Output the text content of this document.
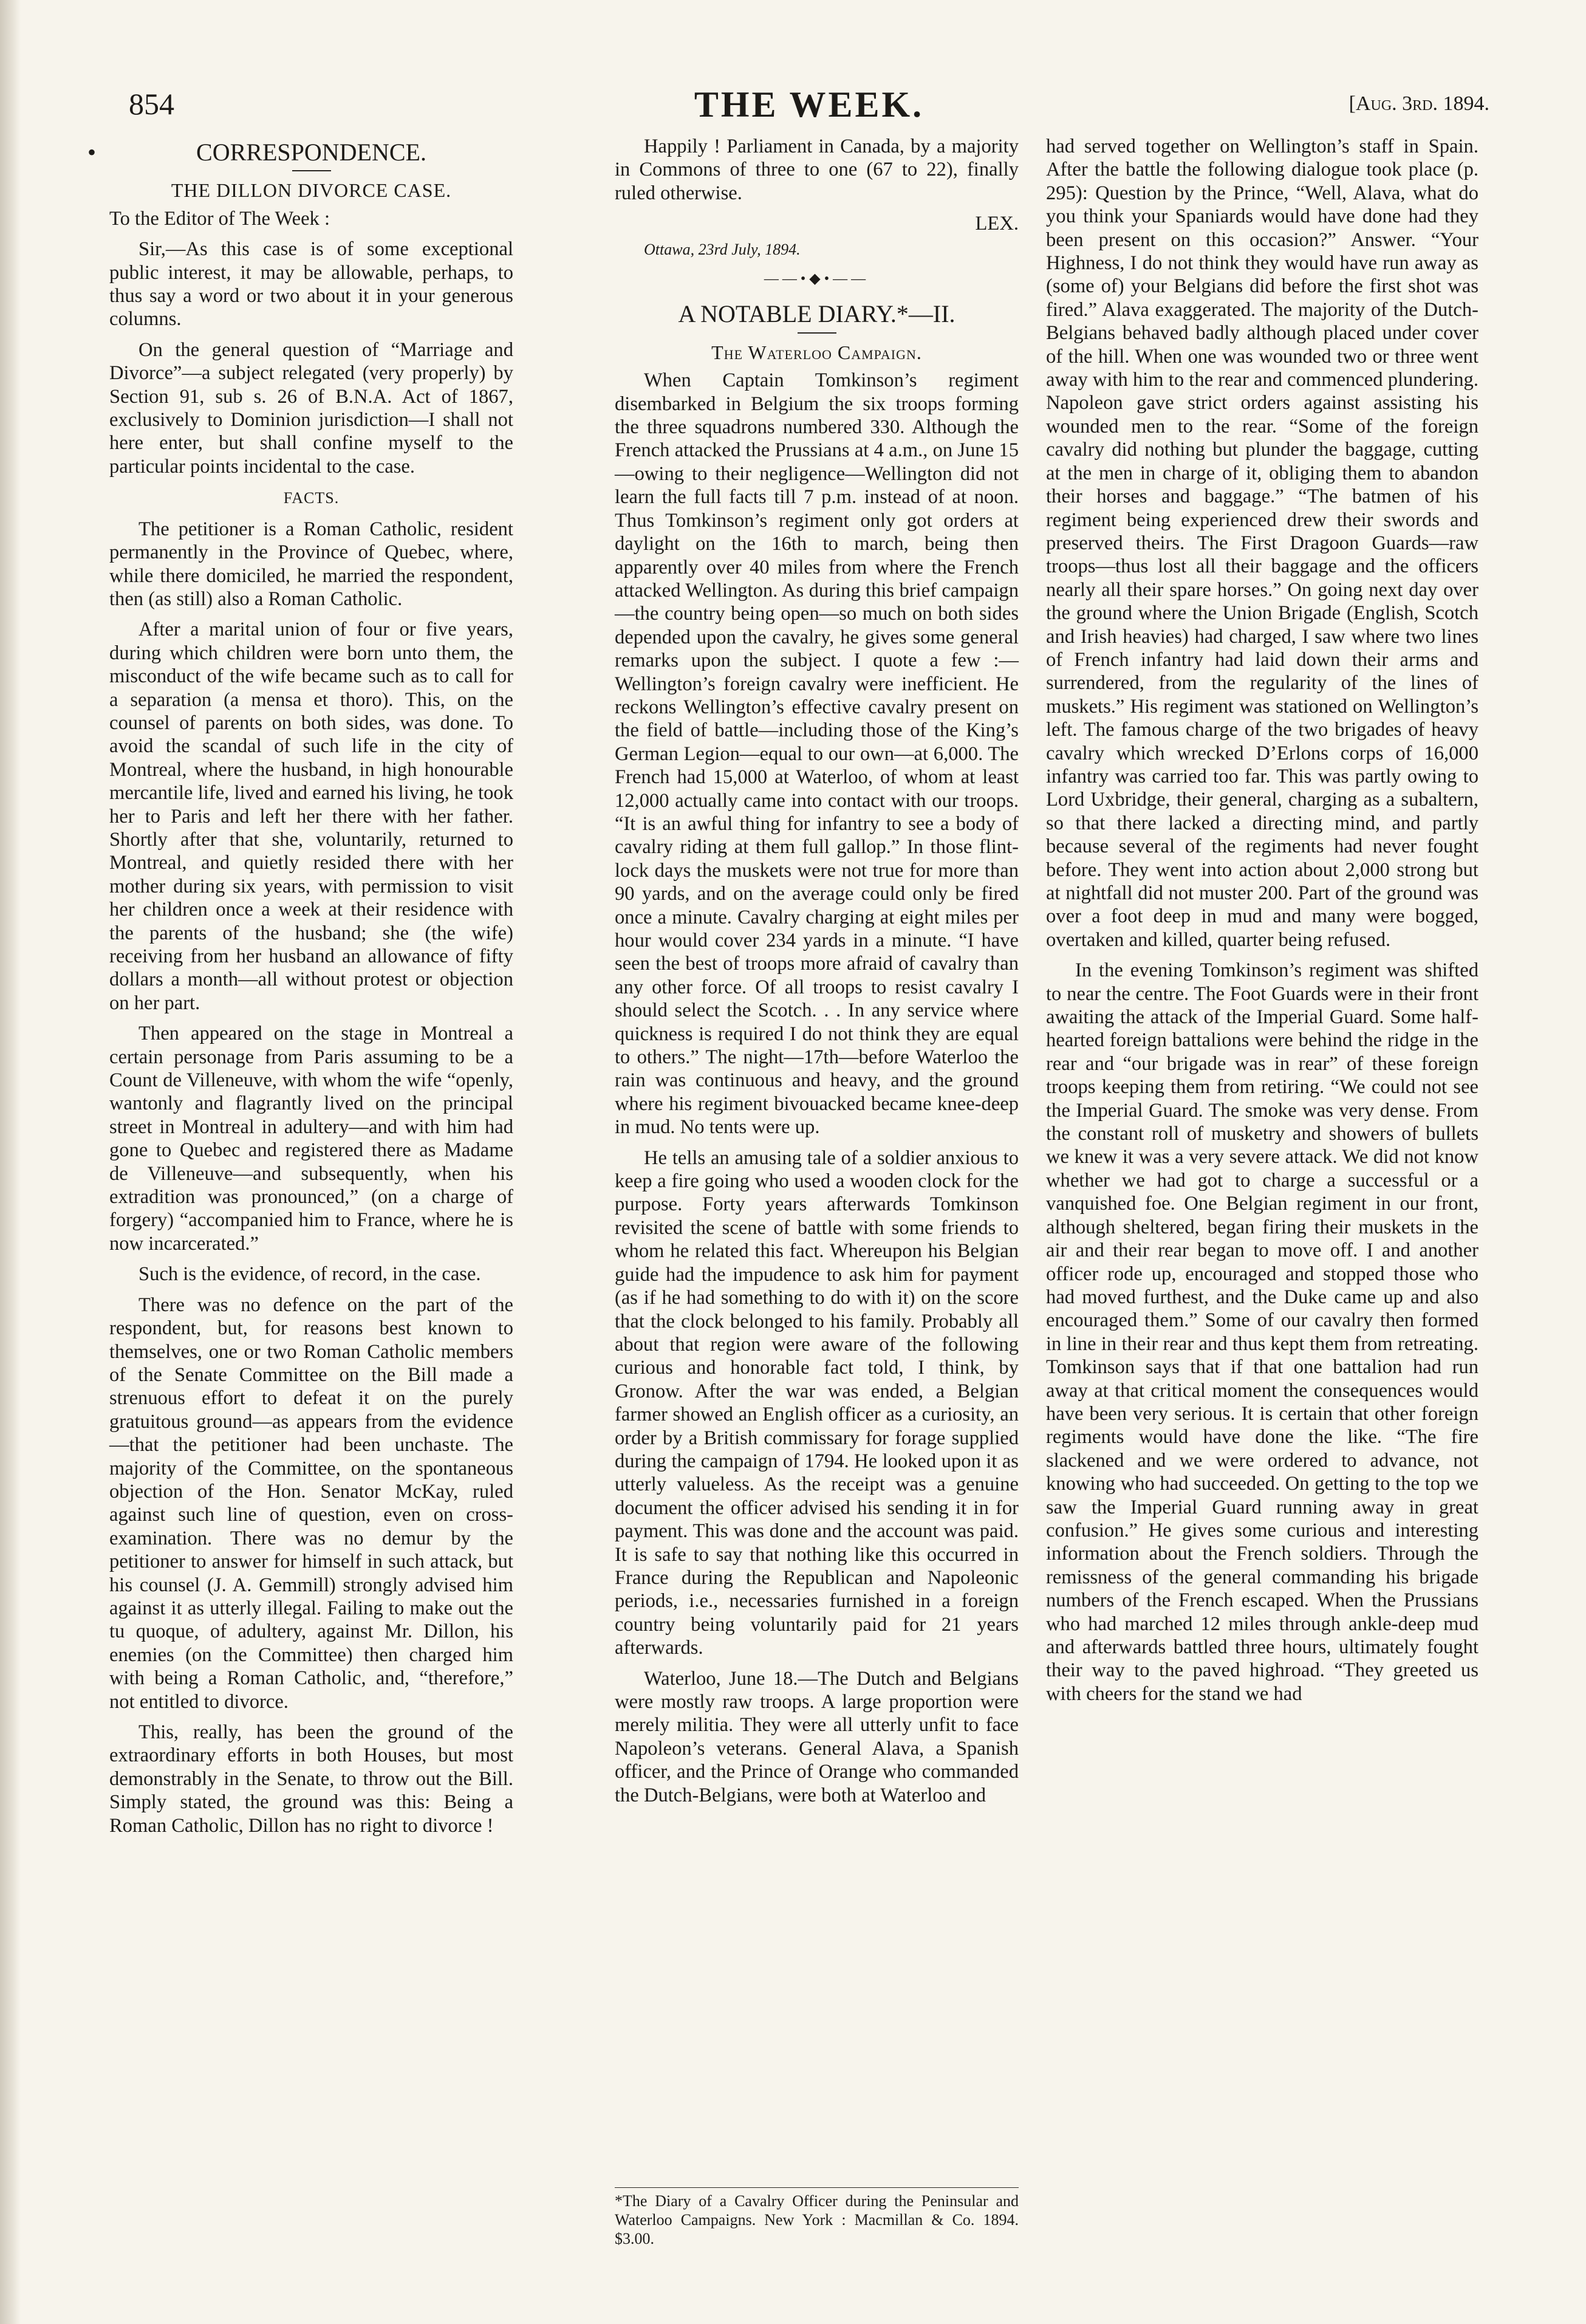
854	THE WEEK.	[Aug. 3rd. 1894.
•	CORRESPONDENCE.
THE DILLON DIVORCE CASE.

To the Editor of The Week :

Sir,—As this case is of some exceptional public interest, it may be allowable, perhaps, to thus say a word or two about it in your generous columns.

On the general question of “Marriage and Divorce”—a subject relegated (very properly) by Section 91, sub s. 26 of B.N.A. Act of 1867, exclusively to Dominion jurisdiction—I shall not here enter, but shall confine myself to the particular points incidental to the case.

FACTS.

The petitioner is a Roman Catholic, resident permanently in the Province of Quebec, where, while there domiciled, he married the respondent, then (as still) also a Roman Catholic.

After a marital union of four or five years, during which children were born unto them, the misconduct of the wife became such as to call for a separation (a mensa et thoro). This, on the counsel of parents on both sides, was done. To avoid the scandal of such life in the city of Montreal, where the husband, in high honourable mercantile life, lived and earned his living, he took her to Paris and left her there with her father. Shortly after that she, voluntarily, returned to Montreal, and quietly resided there with her mother during six years, with permission to visit her children once a week at their residence with the parents of the husband; she (the wife) receiving from her husband an allowance of fifty dollars a month—all without protest or objection on her part.

Then appeared on the stage in Montreal a certain personage from Paris assuming to be a Count de Villeneuve, with whom the wife “openly, wantonly and flagrantly lived on the principal street in Montreal in adultery—and with him had gone to Quebec and registered there as Madame de Villeneuve—and subsequently, when his extradition was pronounced,” (on a charge of forgery) “accompanied him to France, where he is now incarcerated.”

Such is the evidence, of record, in the case.

There was no defence on the part of the respondent, but, for reasons best known to themselves, one or two Roman Catholic members of the Senate Committee on the Bill made a strenuous effort to defeat it on the purely gratuitous ground—as appears from the evidence—that the petitioner had been unchaste. The majority of the Committee, on the spontaneous objection of the Hon. Senator McKay, ruled against such line of question, even on cross-examination. There was no demur by the petitioner to answer for himself in such attack, but his counsel (J. A. Gemmill) strongly advised him against it as utterly illegal. Failing to make out the tu quoque, of adultery, against Mr. Dillon, his enemies (on the Committee) then charged him with being a Roman Catholic, and, “therefore,” not entitled to divorce.

This, really, has been the ground of the extraordinary efforts in both Houses, but most demonstrably in the Senate, to throw out the Bill. Simply stated, the ground was this: Being a Roman Catholic, Dillon has no right to divorce !

Happily ! Parliament in Canada, by a majority in Commons of three to one (67 to 22), finally ruled otherwise.

LEX.

Ottawa, 23rd July, 1894.

——•◆•——
A NOTABLE DIARY.*—II.
The Waterloo Campaign.

When Captain Tomkinson’s regiment disembarked in Belgium the six troops forming the three squadrons numbered 330. Although the French attacked the Prussians at 4 a.m., on June 15—owing to their negligence—Wellington did not learn the full facts till 7 p.m. instead of at noon. Thus Tomkinson’s regiment only got orders at daylight on the 16th to march, being then apparently over 40 miles from where the French attacked Wellington. As during this brief campaign—the country being open—so much on both sides depended upon the cavalry, he gives some general remarks upon the subject. I quote a few :—Wellington’s foreign cavalry were inefficient. He reckons Wellington’s effective cavalry present on the field of battle—including those of the King’s German Legion—equal to our own—at 6,000. The French had 15,000 at Waterloo, of whom at least 12,000 actually came into contact with our troops. “It is an awful thing for infantry to see a body of cavalry riding at them full gallop.” In those flint-lock days the muskets were not true for more than 90 yards, and on the average could only be fired once a minute. Cavalry charging at eight miles per hour would cover 234 yards in a minute. “I have seen the best of troops more afraid of cavalry than any other force. Of all troops to resist cavalry I should select the Scotch. . . In any service where quickness is required I do not think they are equal to others.” The night—17th—before Waterloo the rain was continuous and heavy, and the ground where his regiment bivouacked became knee-deep in mud. No tents were up.

He tells an amusing tale of a soldier anxious to keep a fire going who used a wooden clock for the purpose. Forty years afterwards Tomkinson revisited the scene of battle with some friends to whom he related this fact. Whereupon his Belgian guide had the impudence to ask him for payment (as if he had something to do with it) on the score that the clock belonged to his family. Probably all about that region were aware of the following curious and honorable fact told, I think, by Gronow. After the war was ended, a Belgian farmer showed an English officer as a curiosity, an order by a British commissary for forage supplied during the campaign of 1794. He looked upon it as utterly valueless. As the receipt was a genuine document the officer advised his sending it in for payment. This was done and the account was paid. It is safe to say that nothing like this occurred in France during the Republican and Napoleonic periods, i.e., necessaries furnished in a foreign country being voluntarily paid for 21 years afterwards.

Waterloo, June 18.—The Dutch and Belgians were mostly raw troops. A large proportion were merely militia. They were all utterly unfit to face Napoleon’s veterans. General Alava, a Spanish officer, and the Prince of Orange who commanded the Dutch-Belgians, were both at Waterloo and

*The Diary of a Cavalry Officer during the Peninsular and Waterloo Campaigns. New York : Macmillan & Co. 1894. $3.00.

had served together on Wellington’s staff in Spain. After the battle the following dialogue took place (p. 295): Question by the Prince, “Well, Alava, what do you think your Spaniards would have done had they been present on this occasion?” Answer. “Your Highness, I do not think they would have run away as (some of) your Belgians did before the first shot was fired.” Alava exaggerated. The majority of the Dutch-Belgians behaved badly although placed under cover of the hill. When one was wounded two or three went away with him to the rear and commenced plundering. Napoleon gave strict orders against assisting his wounded men to the rear. “Some of the foreign cavalry did nothing but plunder the baggage, cutting at the men in charge of it, obliging them to abandon their horses and baggage.” “The batmen of his regiment being experienced drew their swords and preserved theirs. The First Dragoon Guards—raw troops—thus lost all their baggage and the officers nearly all their spare horses.” On going next day over the ground where the Union Brigade (English, Scotch and Irish heavies) had charged, I saw where two lines of French infantry had laid down their arms and surrendered, from the regularity of the lines of muskets.” His regiment was stationed on Wellington’s left. The famous charge of the two brigades of heavy cavalry which wrecked D’Erlons corps of 16,000 infantry was carried too far. This was partly owing to Lord Uxbridge, their general, charging as a subaltern, so that there lacked a directing mind, and partly because several of the regiments had never fought before. They went into action about 2,000 strong but at nightfall did not muster 200. Part of the ground was over a foot deep in mud and many were bogged, overtaken and killed, quarter being refused.

In the evening Tomkinson’s regiment was shifted to near the centre. The Foot Guards were in their front awaiting the attack of the Imperial Guard. Some half-hearted foreign battalions were behind the ridge in the rear and “our brigade was in rear” of these foreign troops keeping them from retiring. “We could not see the Imperial Guard. The smoke was very dense. From the constant roll of musketry and showers of bullets we knew it was a very severe attack. We did not know whether we had got to charge a successful or a vanquished foe. One Belgian regiment in our front, although sheltered, began firing their muskets in the air and their rear began to move off. I and another officer rode up, encouraged and stopped those who had moved furthest, and the Duke came up and also encouraged them.” Some of our cavalry then formed in line in their rear and thus kept them from retreating. Tomkinson says that if that one battalion had run away at that critical moment the consequences would have been very serious. It is certain that other foreign regiments would have done the like. “The fire slackened and we were ordered to advance, not knowing who had succeeded. On getting to the top we saw the Imperial Guard running away in great confusion.” He gives some curious and interesting information about the French soldiers. Through the remissness of the general commanding his brigade numbers of the French escaped. When the Prussians who had marched 12 miles through ankle-deep mud and afterwards battled three hours, ultimately fought their way to the paved highroad. “They greeted us with cheers for the stand we had
